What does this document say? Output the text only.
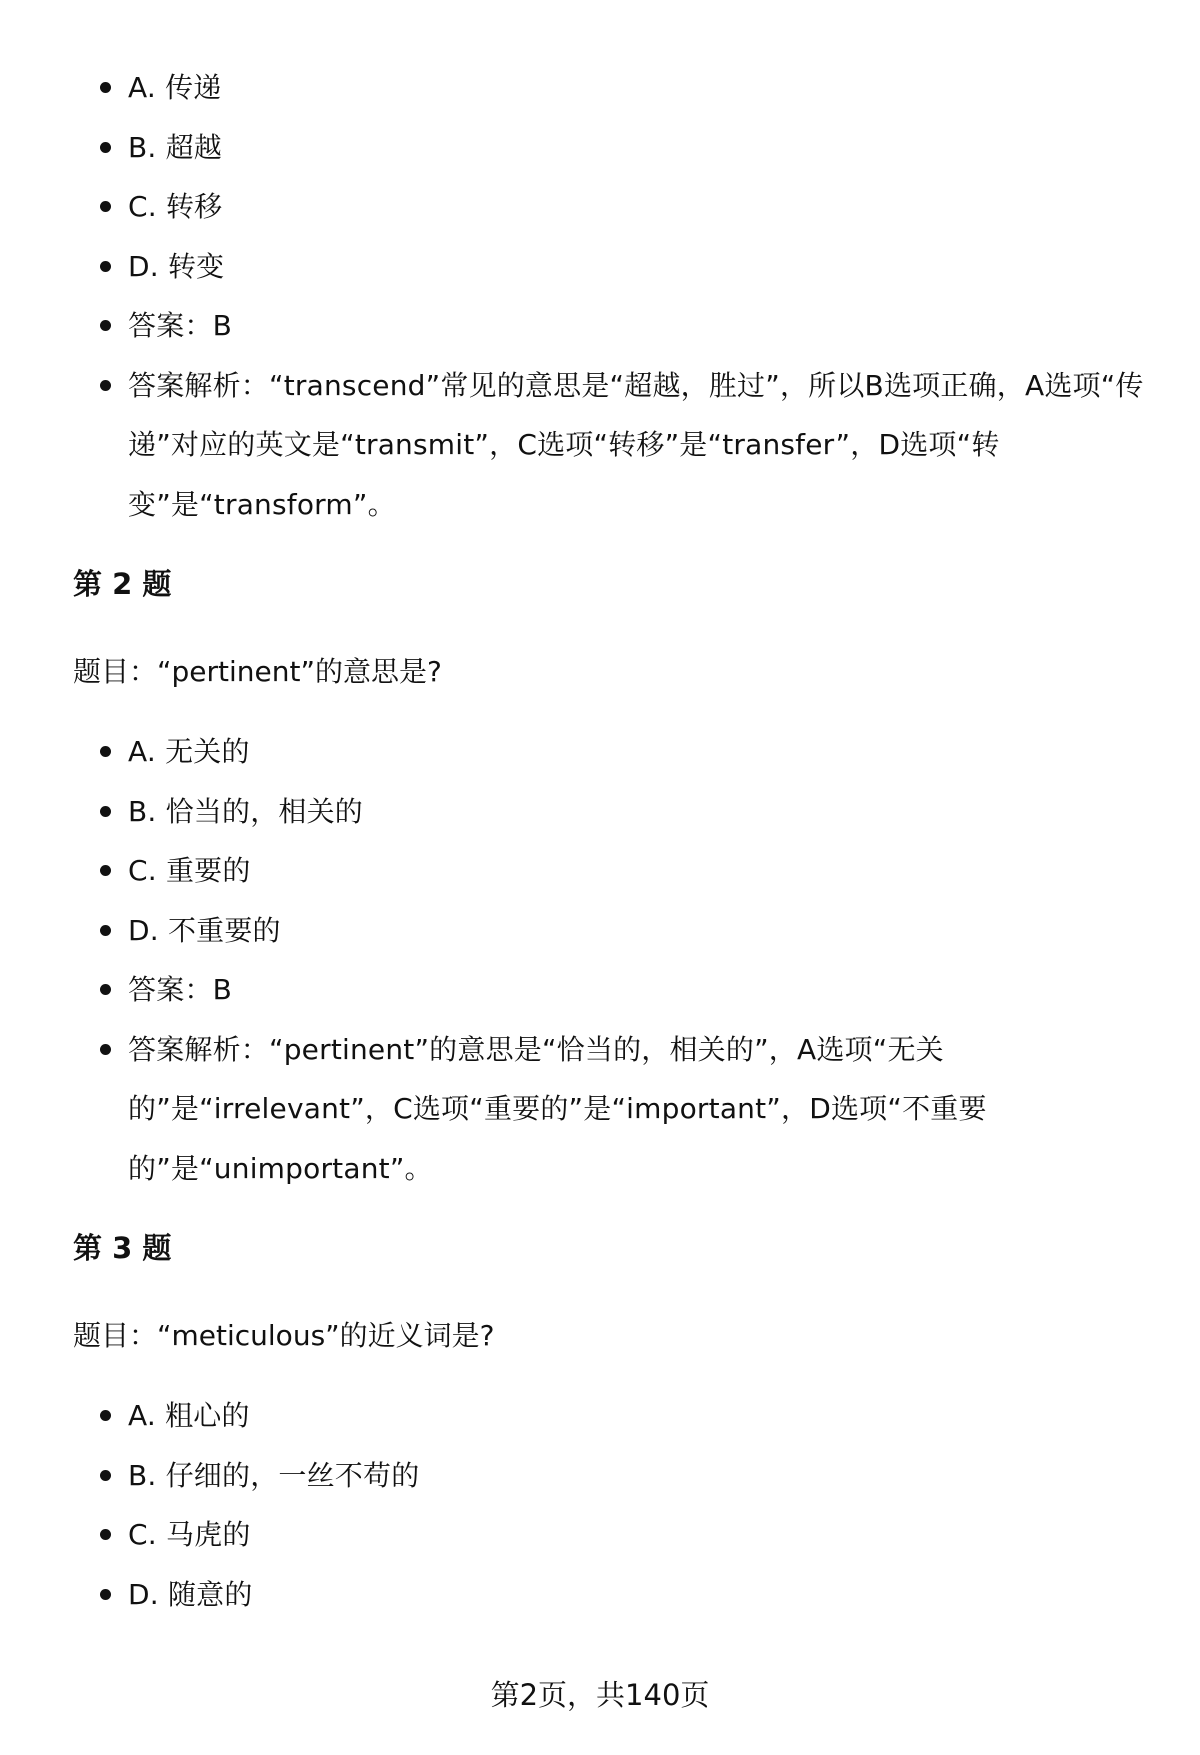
A. 传递
B. 超越
C. 转移
D. 转变
答案：B
答案解析：“transcend”常见的意思是“超越，胜过”，所以B选项正确，A选项“传递”对应的英文是“transmit”，C选项“转移”是“transfer”，D选项“转变”是“transform”。
第 2 题
题目：“pertinent”的意思是?
A. 无关的
B. 恰当的，相关的
C. 重要的
D. 不重要的
答案：B
答案解析：“pertinent”的意思是“恰当的，相关的”，A选项“无关的”是“irrelevant”，C选项“重要的”是“important”，D选项“不重要的”是“unimportant”。
第 3 题
题目：“meticulous”的近义词是?
A. 粗心的
B. 仔细的，一丝不苟的
C. 马虎的
D. 随意的
第2页，共140页
